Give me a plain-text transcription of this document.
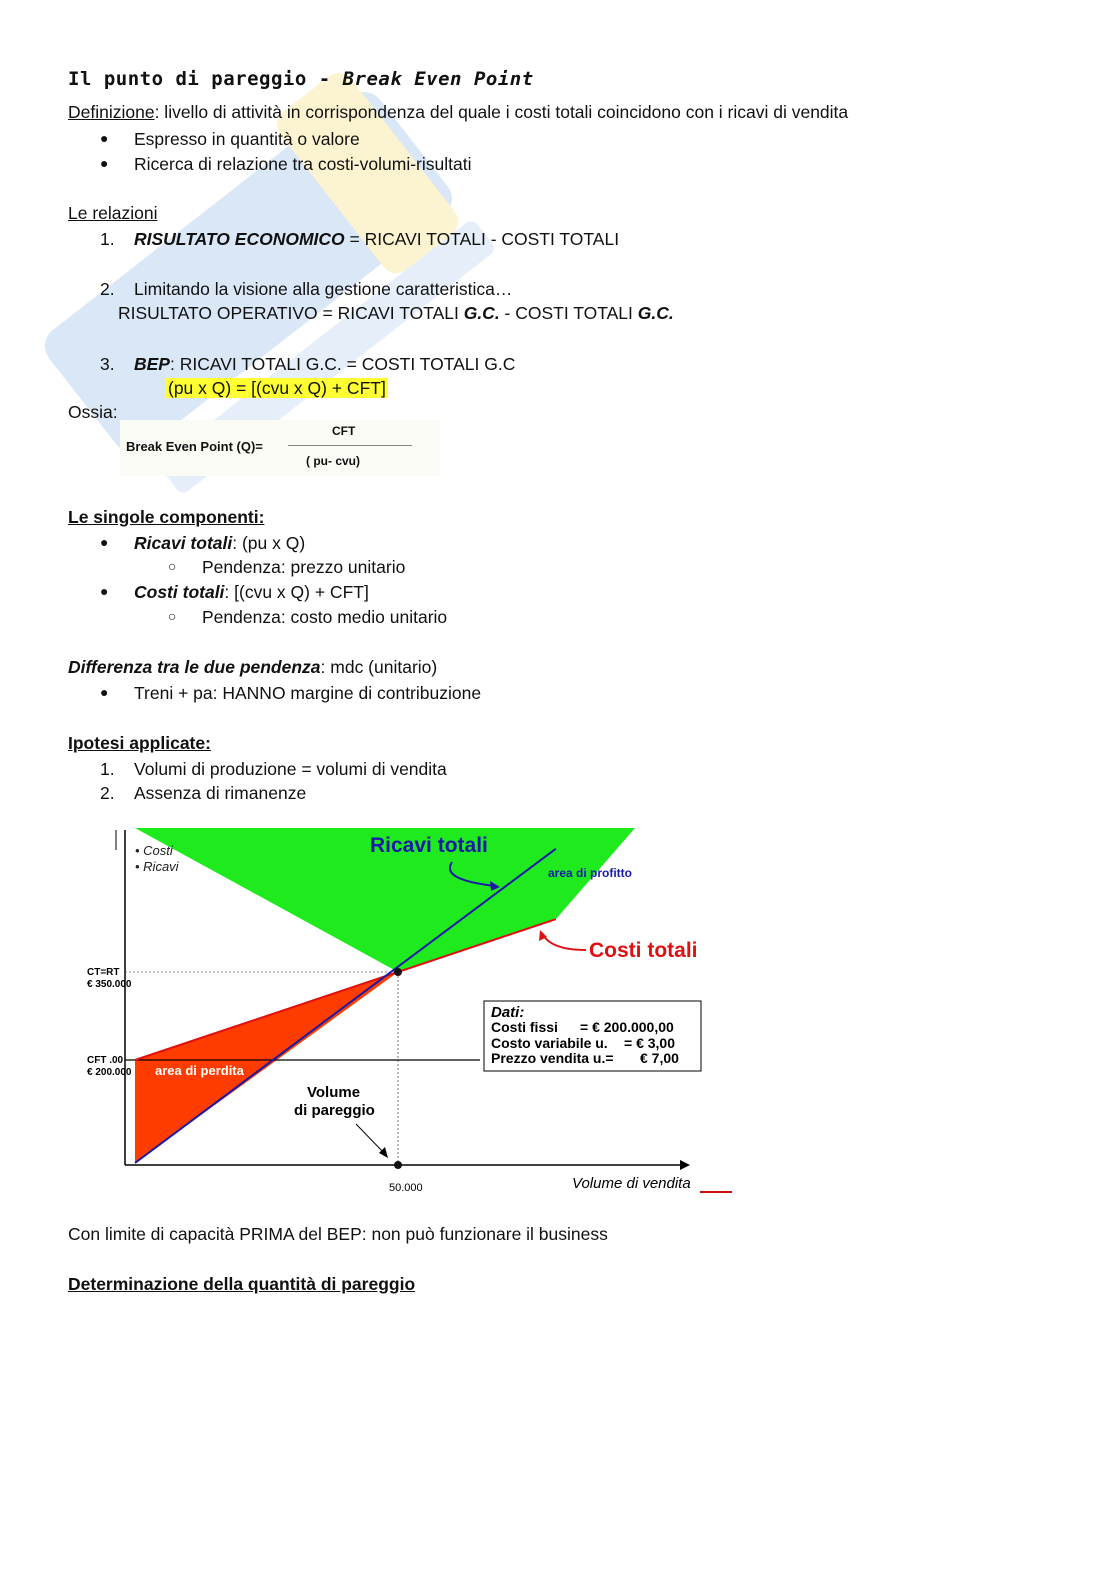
Il punto di pareggio - Break Even Point
Definizione: livello di attività in corrispondenza del quale i costi totali coincidono con i ricavi di vendita
● Espresso in quantità o valore
● Ricerca di relazione tra costi-volumi-risultati
Le relazioni
1. RISULTATO ECONOMICO = RICAVI TOTALI - COSTI TOTALI
2. Limitando la visione alla gestione caratteristica…
RISULTATO OPERATIVO = RICAVI TOTALI G.C. - COSTI TOTALI G.C.
3. BEP: RICAVI TOTALI G.C. = COSTI TOTALI G.C
(pu x Q) = [(cvu x Q) + CFT]
Ossia:
Break Even Point (Q)=
CFT
( pu- cvu)
Le singole componenti:
● Ricavi totali: (pu x Q)
○ Pendenza: prezzo unitario
● Costi totali: [(cvu x Q) + CFT]
○ Pendenza: costo medio unitario
Differenza tra le due pendenza: mdc (unitario)
● Treni + pa: HANNO margine di contribuzione
Ipotesi applicate:
1. Volumi di produzione = volumi di vendita
2. Assenza di rimanenze
• Costi
• Ricavi
Ricavi totali
Costi totali
area di profitto
area di perdita
CT=RT
€ 350.000
CFT .00
€ 200.000
Volume
di pareggio
50.000	Volume di vendita
Dati:
Costi fissi = € 200.000,00
Costo variabile u. = € 3,00
Prezzo vendita u.= € 7,00
Con limite di capacità PRIMA del BEP: non può funzionare il business
Determinazione della quantità di pareggio
